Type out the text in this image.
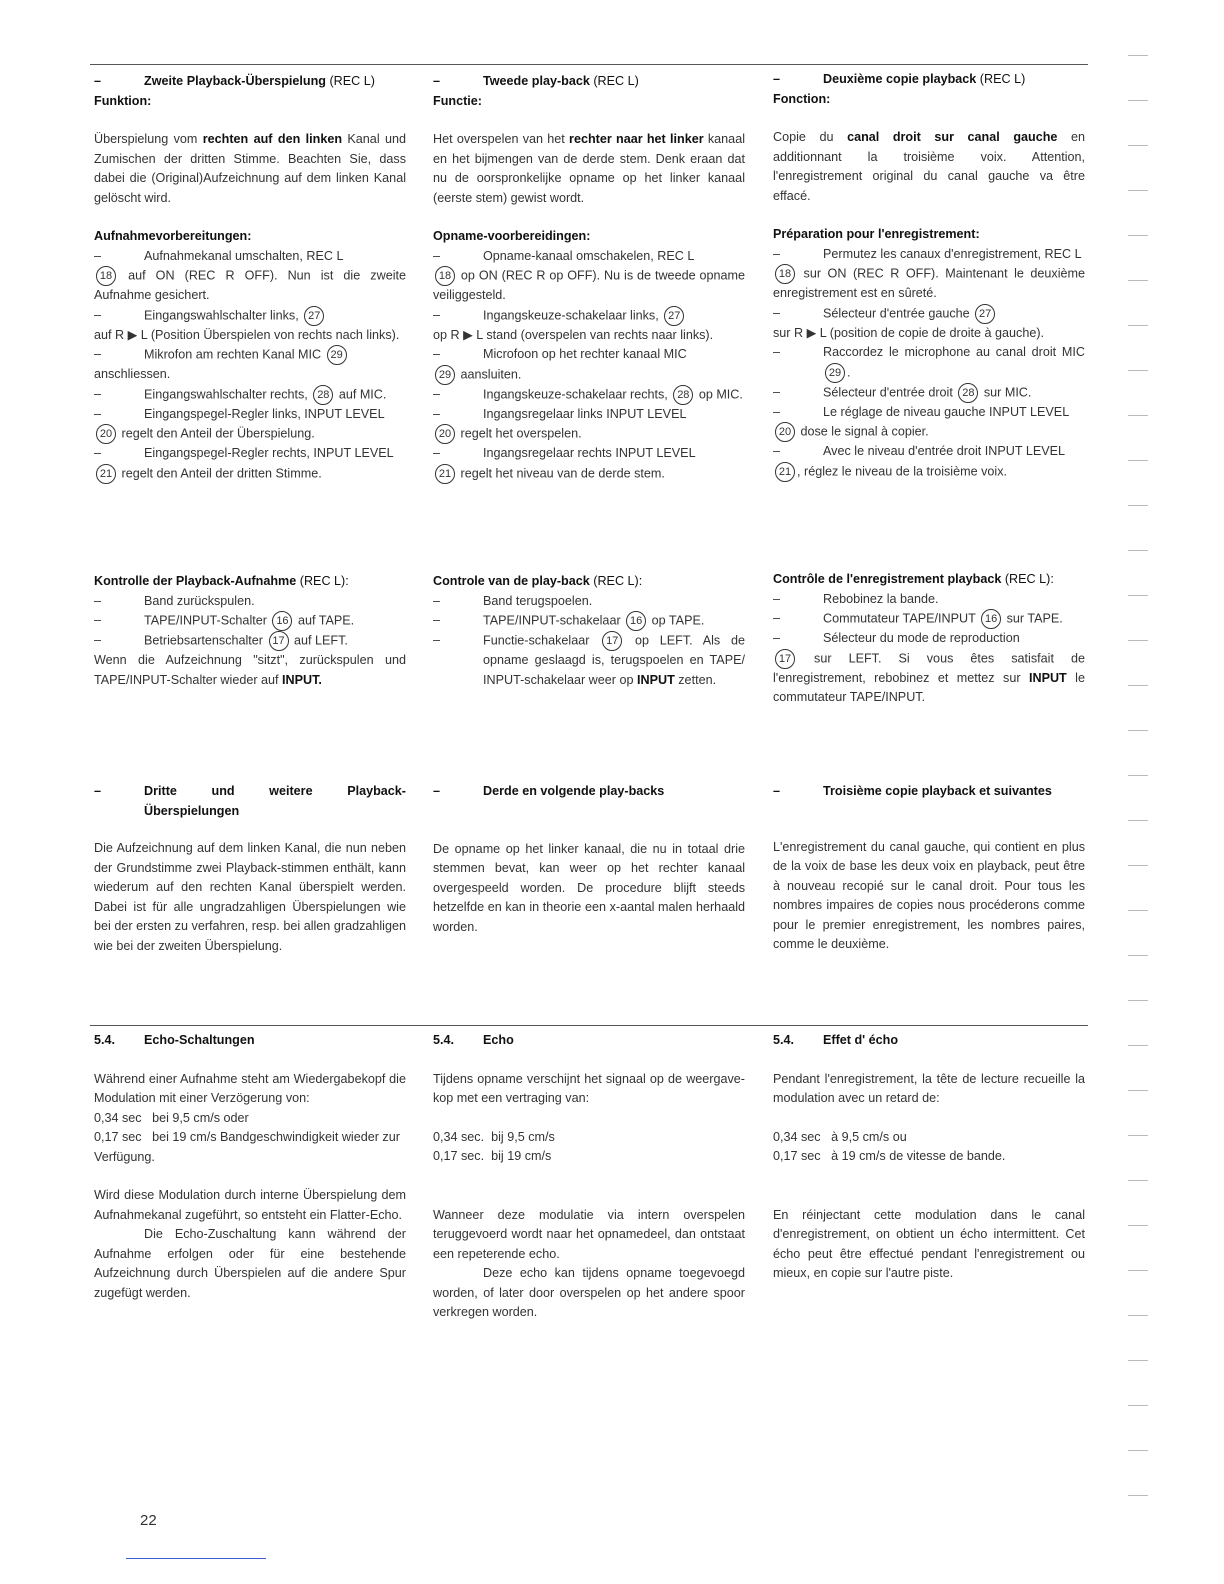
–	Zweite Playback-Überspielung (REC L)

Funktion:

Überspielung vom rechten auf den linken Kanal und Zumischen der dritten Stimme. Beachten Sie, dass dabei die (Original)Aufzeichnung auf dem linken Kanal gelöscht wird.

Aufnahmevorbereitungen:

–	Aufnahmekanal umschalten, REC L

18 auf ON (REC R OFF). Nun ist die zweite Aufnahme gesichert.

–	Eingangswahlschalter links, 27

auf R ▶ L (Position Überspielen von rechts nach links).

–	Mikrofon am rechten Kanal MIC 29

anschliessen.

–	Eingangswahlschalter rechts, 28 auf MIC.
–	Eingangspegel-Regler links, INPUT LEVEL

20 regelt den Anteil der Überspielung.

–	Eingangspegel-Regler rechts, INPUT LEVEL

21 regelt den Anteil der dritten Stimme.

Kontrolle der Playback-Aufnahme (REC L):

–	Band zurückspulen.
–	TAPE/INPUT-Schalter 16 auf TAPE.
–	Betriebsartenschalter 17 auf LEFT.

Wenn die Aufzeichnung "sitzt", zurückspulen und TAPE/INPUT-Schalter wieder auf INPUT.

–	Dritte und weitere Playback-Überspielungen

Die Aufzeichnung auf dem linken Kanal, die nun neben der Grundstimme zwei Playback-stimmen enthält, kann wiederum auf den rechten Kanal überspielt werden. Dabei ist für alle ungradzahligen Überspielungen wie bei der ersten zu verfahren, resp. bei allen gradzahligen wie bei der zweiten Überspielung.

5.4.	Echo-Schaltungen

Während einer Aufnahme steht am Wiedergabekopf die Modulation mit einer Verzögerung von:

0,34 sec   bei 9,5 cm/s oder

0,17 sec   bei 19 cm/s Bandgeschwindigkeit wieder zur Verfügung.

Wird diese Modulation durch interne Überspielung dem Aufnahmekanal zugeführt, so entsteht ein Flatter-Echo.

Die Echo-Zuschaltung kann während der Aufnahme erfolgen oder für eine bestehende Aufzeichnung durch Überspielen auf die andere Spur zugefügt werden.

–	Tweede play-back (REC L)

Functie:

Het overspelen van het rechter naar het linker kanaal en het bijmengen van de derde stem. Denk eraan dat nu de oorspronkelijke opname op het linker kanaal (eerste stem) gewist wordt.

Opname-voorbereidingen:

–	Opname-kanaal omschakelen, REC L

18 op ON (REC R op OFF). Nu is de tweede opname veiliggesteld.

–	Ingangskeuze-schakelaar links, 27

op R ▶ L stand (overspelen van rechts naar links).

–	Microfoon op het rechter kanaal MIC

29 aansluiten.

–	Ingangskeuze-schakelaar rechts, 28 op MIC.
–	Ingangsregelaar links INPUT LEVEL

20 regelt het overspelen.

–	Ingangsregelaar rechts INPUT LEVEL

21 regelt het niveau van de derde stem.

Controle van de play-back (REC L):

–	Band terugspoelen.
–	TAPE/INPUT-schakelaar 16 op TAPE.
–	Functie-schakelaar 17 op LEFT. Als de opname geslaagd is, terugspoelen en TAPE/ INPUT-schakelaar weer op INPUT zetten.
–	Derde en volgende play-backs

De opname op het linker kanaal, die nu in totaal drie stemmen bevat, kan weer op het rechter kanaal overgespeeld worden. De procedure blijft steeds hetzelfde en kan in theorie een x-aantal malen herhaald worden.

5.4.	Echo

Tijdens opname verschijnt het signaal op de weergave-kop met een vertraging van:

0,34 sec.  bij 9,5 cm/s

0,17 sec.  bij 19 cm/s

Wanneer deze modulatie via intern overspelen teruggevoerd wordt naar het opnamedeel, dan ontstaat een repeterende echo.

Deze echo kan tijdens opname toegevoegd worden, of later door overspelen op het andere spoor verkregen worden.

–	Deuxième copie playback (REC L)

Fonction:

Copie du canal droit sur canal gauche en additionnant la troisième voix. Attention, l'enregistrement original du canal gauche va être effacé.

Préparation pour l'enregistrement:

–	Permutez les canaux d'enregistrement, REC L

18 sur ON (REC R OFF). Maintenant le deuxième enregistrement est en sûreté.

–	Sélecteur d'entrée gauche 27

sur R ▶ L (position de copie de droite à gauche).

–	Raccordez le microphone au canal droit MIC 29 .
–	Sélecteur d'entrée droit 28 sur MIC.
–	Le réglage de niveau gauche INPUT LEVEL

20 dose le signal à copier.

–	Avec le niveau d'entrée droit INPUT LEVEL

21 , réglez le niveau de la troisième voix.

Contrôle de l'enregistrement playback (REC L):

–	Rebobinez la bande.
–	Commutateur TAPE/INPUT 16 sur TAPE.
–	Sélecteur du mode de reproduction

17 sur LEFT. Si vous êtes satisfait de l'enregistrement, rebobinez et mettez sur INPUT le commutateur TAPE/INPUT.

–	Troisième copie playback et suivantes

L'enregistrement du canal gauche, qui contient en plus de la voix de base les deux voix en playback, peut être à nouveau recopié sur le canal droit. Pour tous les nombres impaires de copies nous procéderons comme pour le premier enregistrement, les nombres paires, comme le deuxième.

5.4.	Effet d' écho

Pendant l'enregistrement, la tête de lecture recueille la modulation avec un retard de:

0,34 sec   à 9,5 cm/s ou

0,17 sec   à 19 cm/s de vitesse de bande.

En réinjectant cette modulation dans le canal d'enregistrement, on obtient un écho intermittent. Cet écho peut être effectué pendant l'enregistrement ou mieux, en copie sur l'autre piste.

22
